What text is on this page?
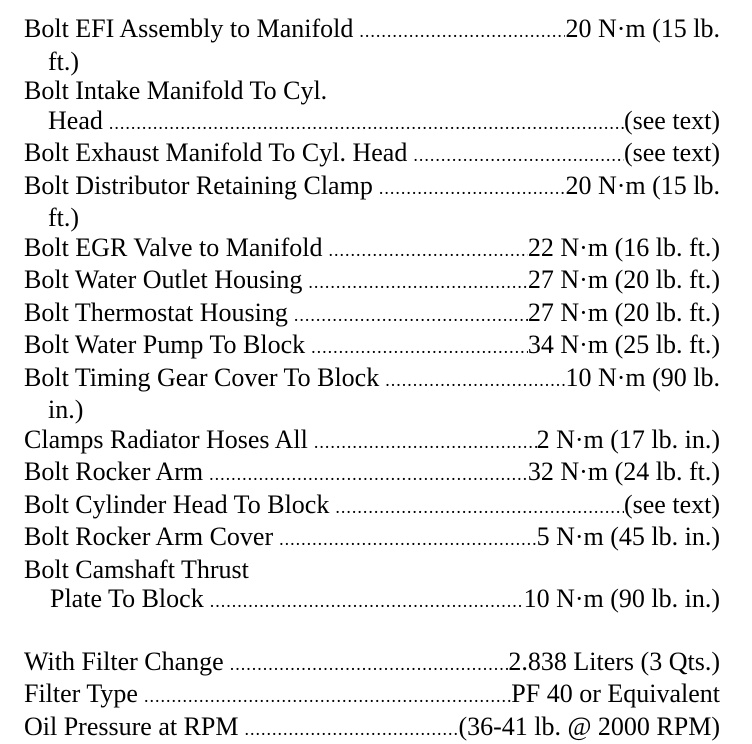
Bolt EFI Assembly to Manifold .....	20 N·m (15 lb.
ft.)
Bolt Intake Manifold To Cyl.
Head .....	(see text)
Bolt Exhaust Manifold To Cyl. Head .....	(see text)
Bolt Distributor Retaining Clamp .....	20 N·m (15 lb.
ft.)
Bolt EGR Valve to Manifold .....	22 N·m (16 lb. ft.)
Bolt Water Outlet Housing .....	27 N·m (20 lb. ft.)
Bolt Thermostat Housing .....	27 N·m (20 lb. ft.)
Bolt Water Pump To Block .....	34 N·m (25 lb. ft.)
Bolt Timing Gear Cover To Block .....	10 N·m (90 lb.
in.)
Clamps Radiator Hoses All .....	2 N·m (17 lb. in.)
Bolt Rocker Arm .....	32 N·m (24 lb. ft.)
Bolt Cylinder Head To Block .....	(see text)
Bolt Rocker Arm Cover .....	5 N·m (45 lb. in.)
Bolt Camshaft Thrust
Plate To Block .....	10 N·m (90 lb. in.)
With Filter Change .....	2.838 Liters (3 Qts.)
Filter Type .....	PF 40 or Equivalent
Oil Pressure at RPM .....	(36-41 lb. @ 2000 RPM)
